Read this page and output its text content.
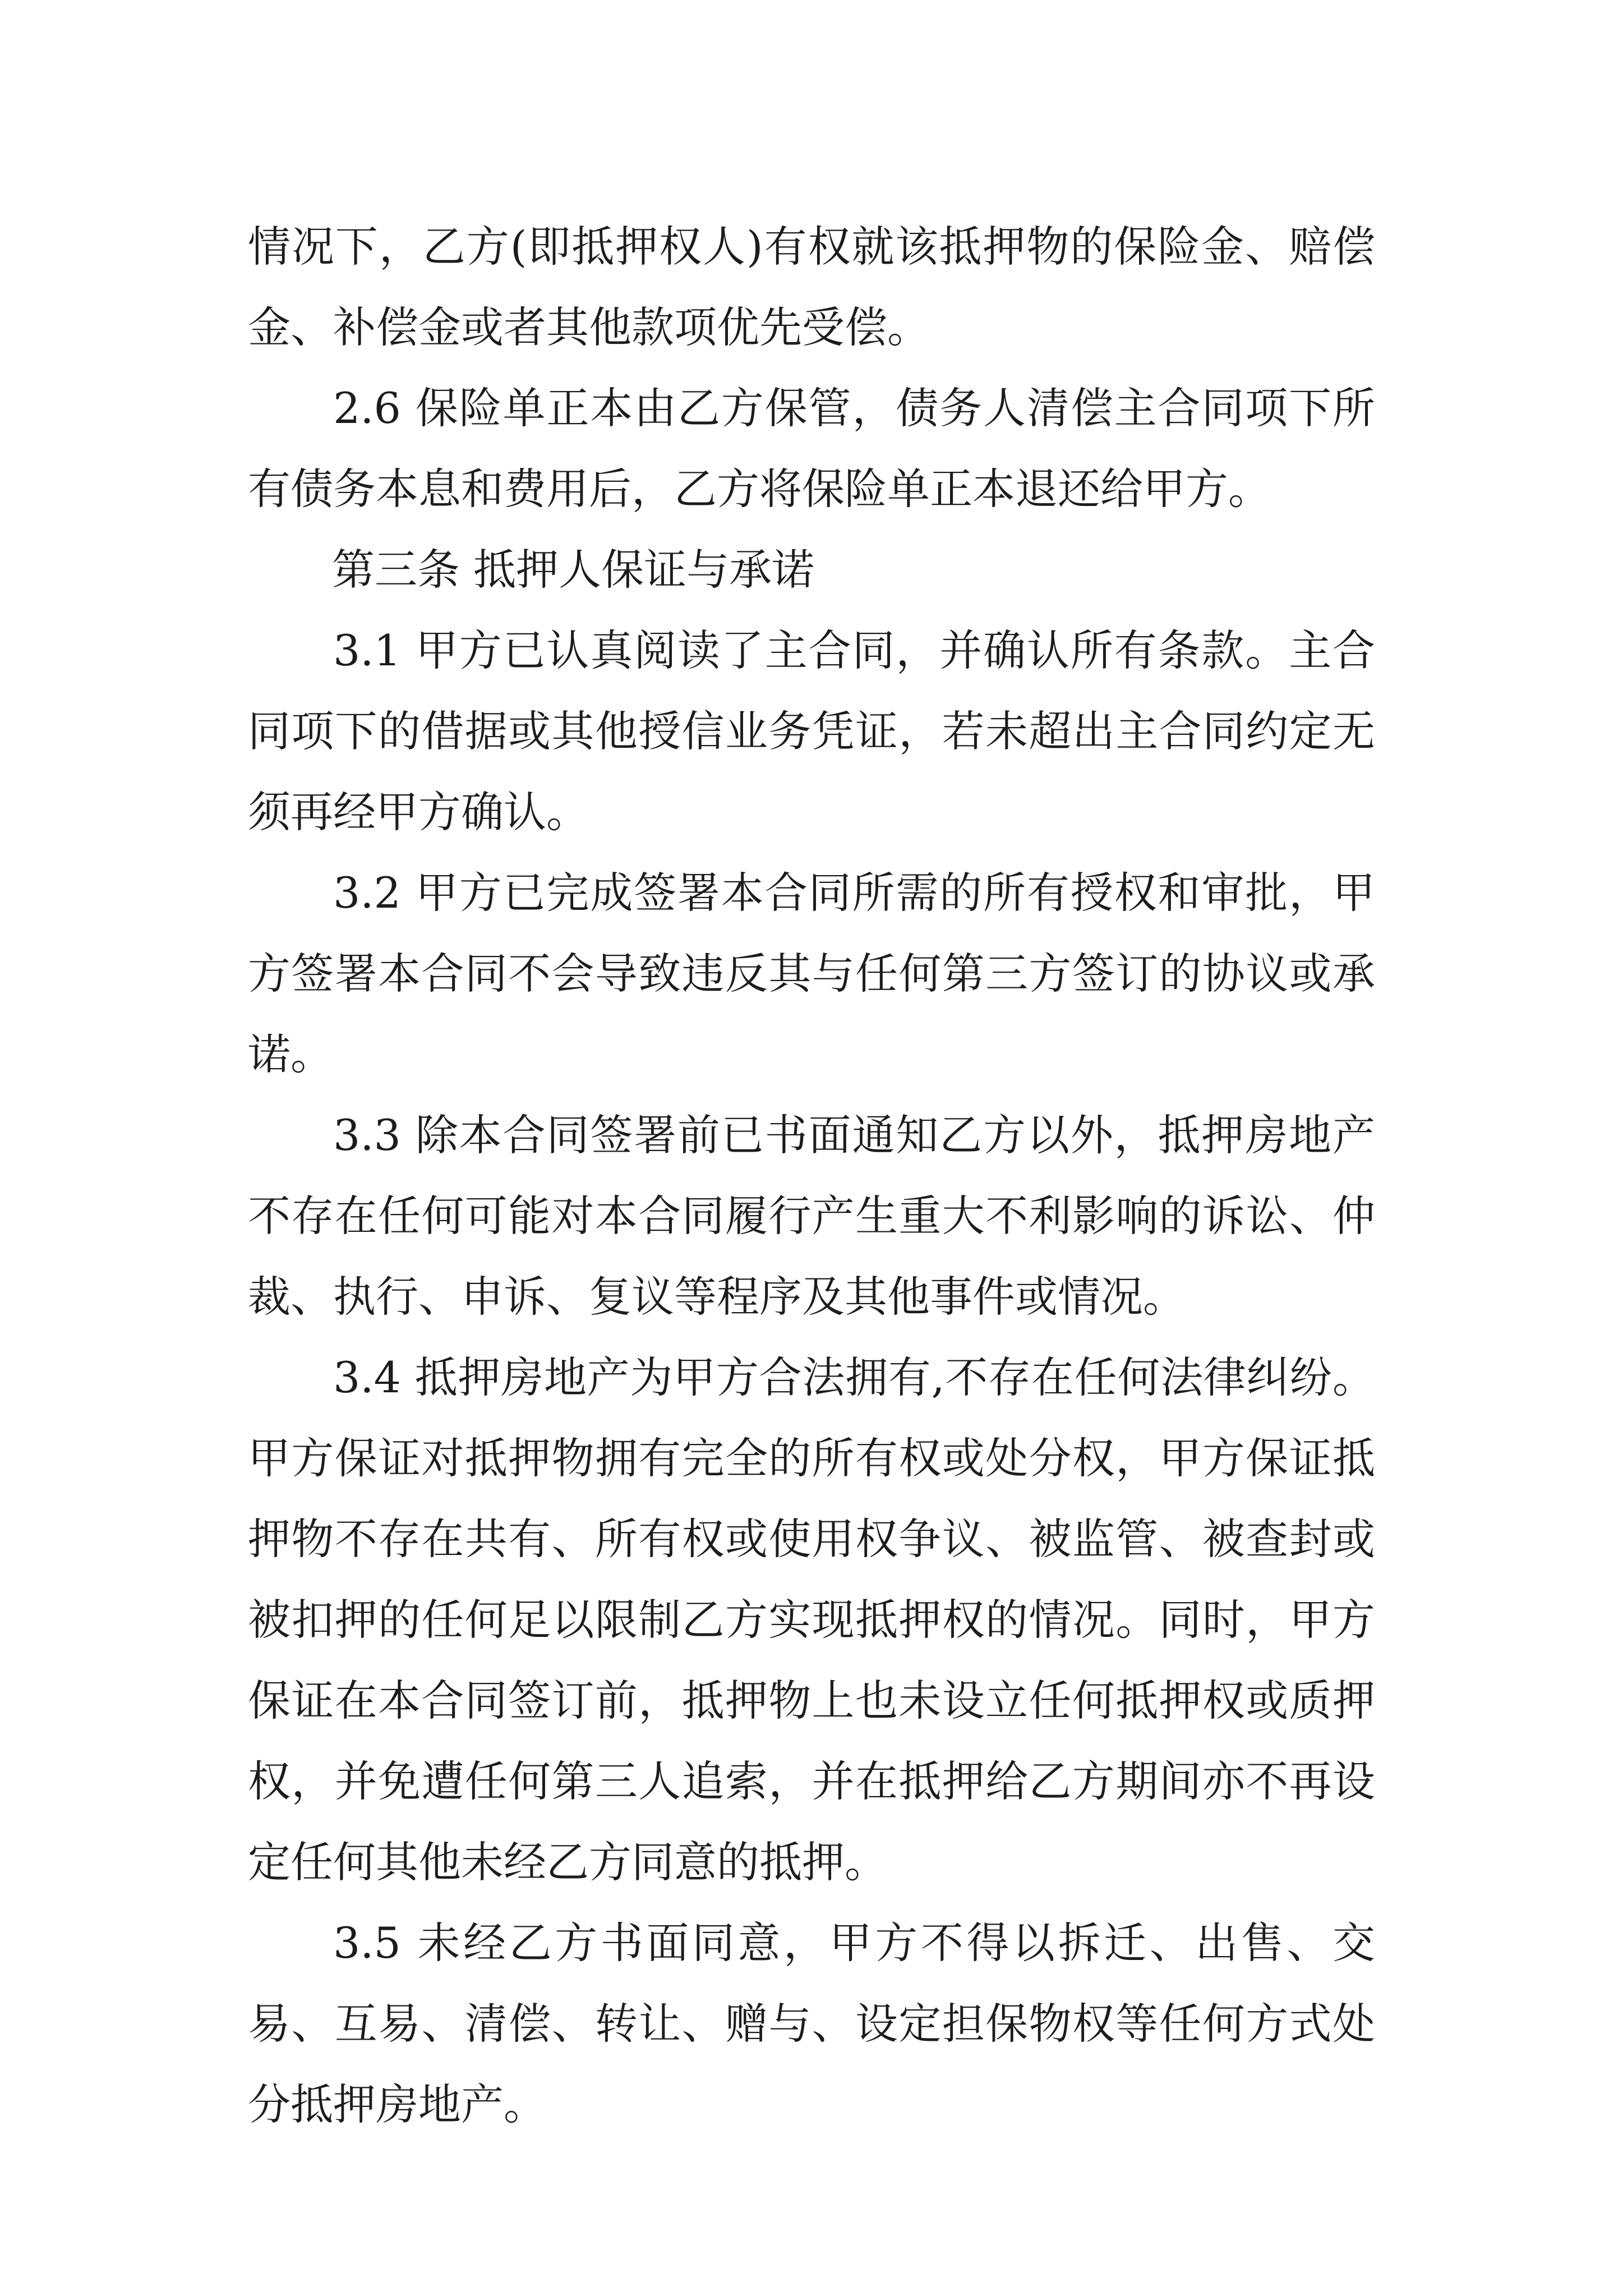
情况下，乙方(即抵押权人)有权就该抵押物的保险金、赔偿金、补偿金或者其他款项优先受偿。

2.6 保险单正本由乙方保管，债务人清偿主合同项下所有债务本息和费用后，乙方将保险单正本退还给甲方。

第三条 抵押人保证与承诺

3.1 甲方已认真阅读了主合同，并确认所有条款。主合同项下的借据或其他授信业务凭证，若未超出主合同约定无须再经甲方确认。

3.2 甲方已完成签署本合同所需的所有授权和审批，甲方签署本合同不会导致违反其与任何第三方签订的协议或承诺。

3.3 除本合同签署前已书面通知乙方以外，抵押房地产不存在任何可能对本合同履行产生重大不利影响的诉讼、仲裁、执行、申诉、复议等程序及其他事件或情况。

3.4 抵押房地产为甲方合法拥有,不存在任何法律纠纷。甲方保证对抵押物拥有完全的所有权或处分权，甲方保证抵押物不存在共有、所有权或使用权争议、被监管、被查封或被扣押的任何足以限制乙方实现抵押权的情况。同时，甲方保证在本合同签订前，抵押物上也未设立任何抵押权或质押权，并免遭任何第三人追索，并在抵押给乙方期间亦不再设定任何其他未经乙方同意的抵押。

3.5 未经乙方书面同意，甲方不得以拆迁、出售、交易、互易、清偿、转让、赠与、设定担保物权等任何方式处分抵押房地产。
